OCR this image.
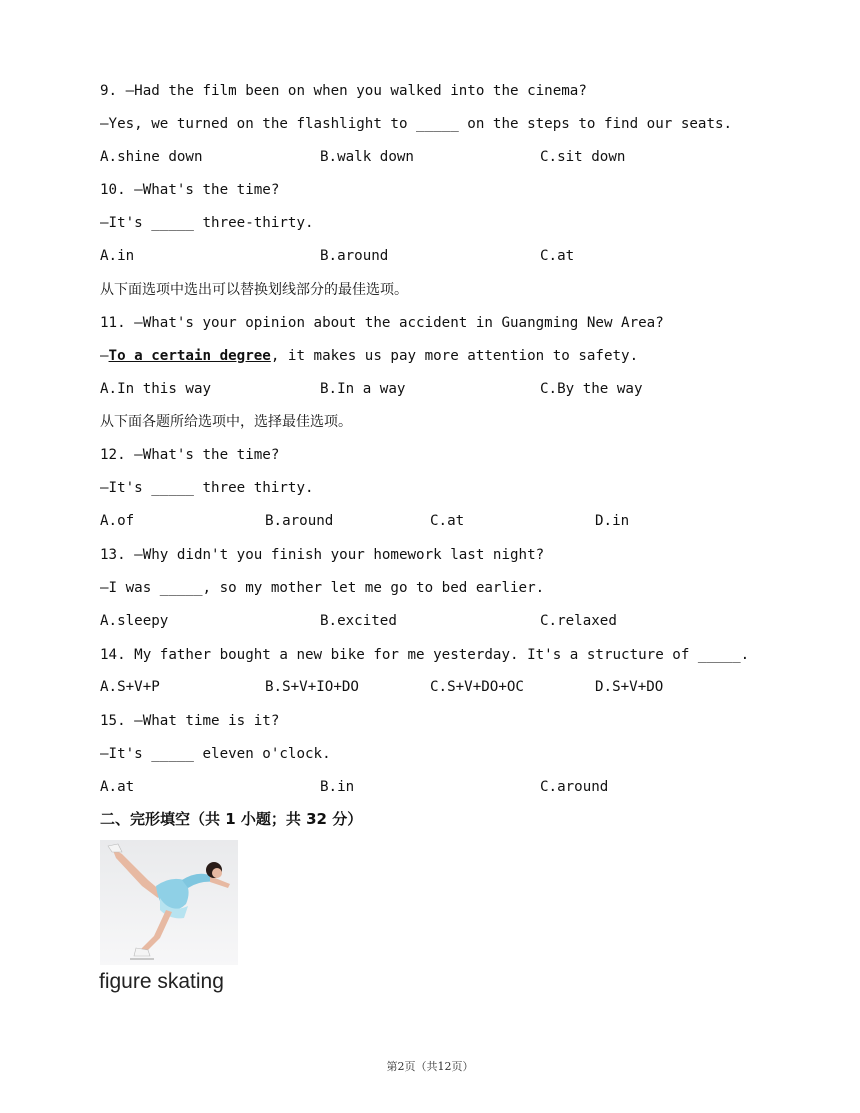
9. —Had the film been on when you walked into the cinema?
—Yes, we turned on the flashlight to _____ on the steps to find our seats.
A.shine down	B.walk down	C.sit down
10. —What's the time?
—It's _____ three-thirty.
A.in	B.around	C.at
从下面选项中选出可以替换划线部分的最佳选项。
11. —What's your opinion about the accident in Guangming New Area?
—To a certain degree, it makes us pay more attention to safety.
A.In this way	B.In a way	C.By the way
从下面各题所给选项中，选择最佳选项。
12. —What's the time?
—It's _____ three thirty.
A.of	B.around	C.at	D.in
13. —Why didn't you finish your homework last night?
—I was _____, so my mother let me go to bed earlier.
A.sleepy	B.excited	C.relaxed
14. My father bought a new bike for me yesterday. It's a structure of _____.
A.S+V+P	B.S+V+IO+DO	C.S+V+DO+OC	D.S+V+DO
15. —What time is it?
—It's _____ eleven o'clock.
A.at	B.in	C.around
二、完形填空（共 1 小题；共 32 分）
figure skating
第2页（共12页）
